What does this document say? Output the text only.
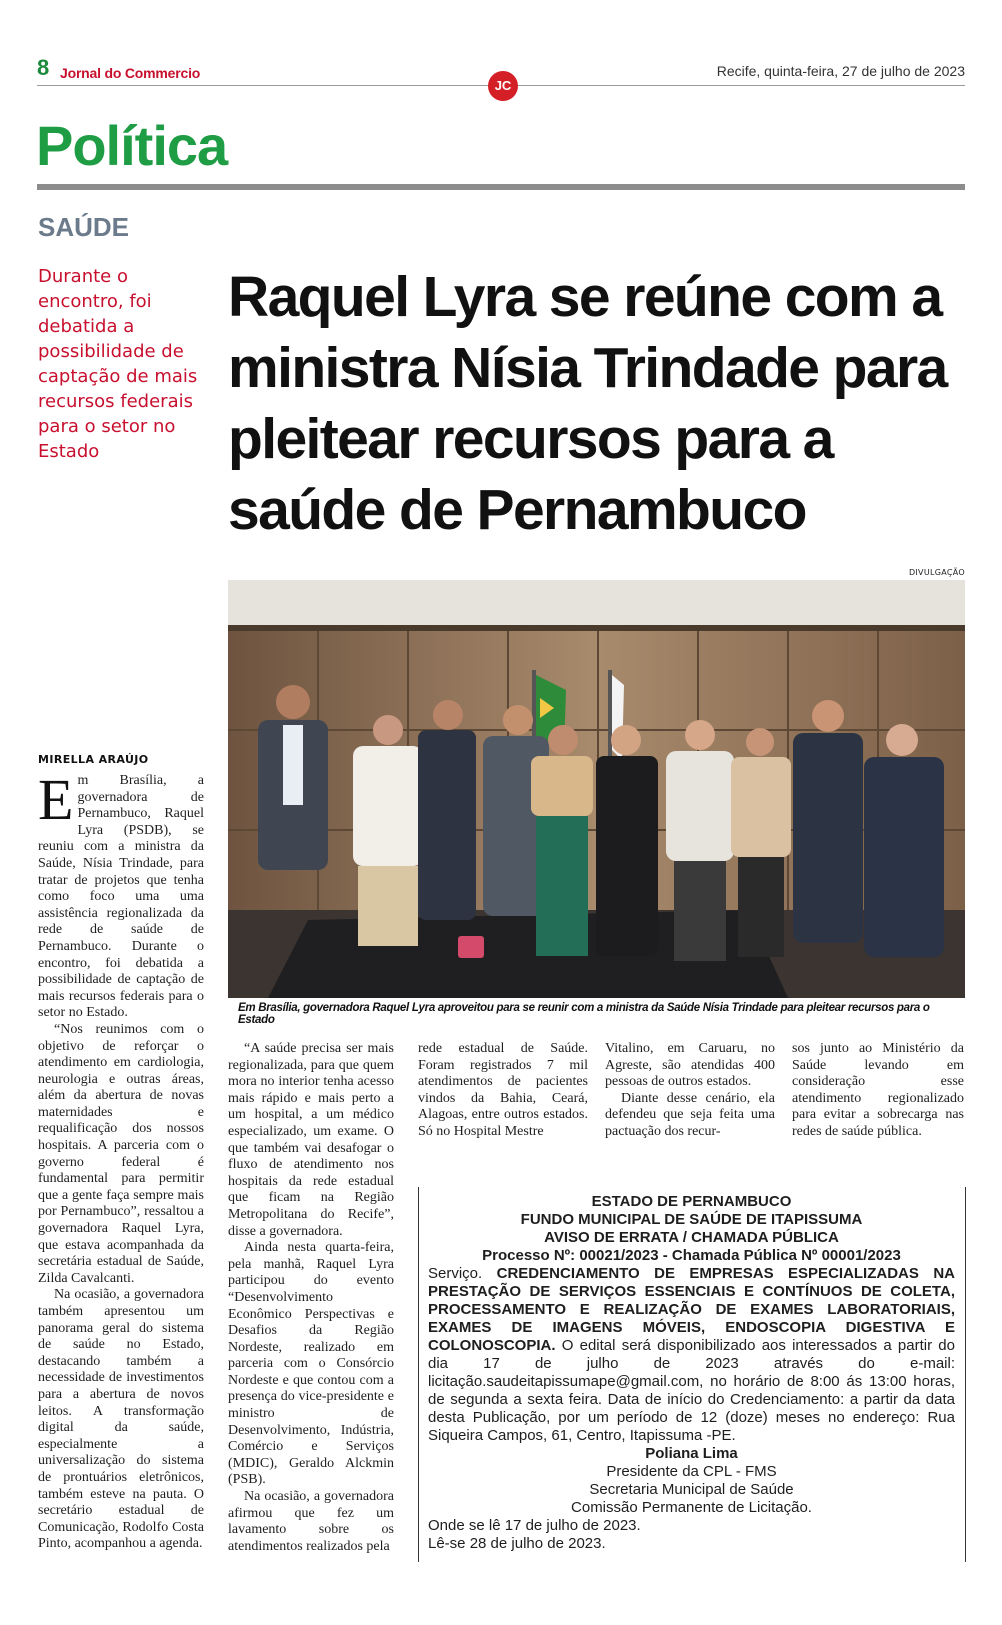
8 Jornal do Commercio	Recife, quinta-feira, 27 de julho de 2023
JC
Política
SAÚDE
Durante o encontro, foi debatida a possibilidade de captação de mais recursos federais para o setor no Estado
Raquel Lyra se reúne com a ministra Nísia Trindade para pleitear recursos para a saúde de Pernambuco
DIVULGAÇÃO
Em Brasília, governadora Raquel Lyra aproveitou para se reunir com a ministra da Saúde Nísia Trindade para pleitear recursos para o Estado
MIRELLA ARAÚJO

Em Brasília, a governadora de Pernambuco, Raquel Lyra (PSDB), se reuniu com a ministra da Saúde, Nísia Trindade, para tratar de projetos que tenha como foco uma uma assistência regionalizada da rede de saúde de Pernambuco. Durante o encontro, foi debatida a possibilidade de captação de mais recursos federais para o setor no Estado.

“Nos reunimos com o objetivo de reforçar o atendimento em cardiologia, neurologia e outras áreas, além da abertura de novas maternidades e requalificação dos nossos hospitais. A parceria com o governo federal é fundamental para permitir que a gente faça sempre mais por Pernambuco”, ressaltou a governadora Raquel Lyra, que estava acompanhada da secretária estadual de Saúde, Zilda Cavalcanti.

Na ocasião, a governadora também apresentou um panorama geral do sistema de saúde no Estado, destacando também a necessidade de investimentos para a abertura de novos leitos. A transformação digital da saúde, especialmente a universalização do sistema de prontuários eletrônicos, também esteve na pauta. O secretário estadual de Comunicação, Rodolfo Costa Pinto, acompanhou a agenda.

“A saúde precisa ser mais regionalizada, para que quem mora no interior tenha acesso mais rápido e mais perto a um hospital, a um médico especializado, um exame. O que também vai desafogar o fluxo de atendimento nos hospitais da rede estadual que ficam na Região Metropolitana do Recife”, disse a governadora.

Ainda nesta quarta-feira, pela manhã, Raquel Lyra participou do evento “Desenvolvimento Econômico Perspectivas e Desafios da Região Nordeste, realizado em parceria com o Consórcio Nordeste e que contou com a presença do vice-presidente e ministro de Desenvolvimento, Indústria, Comércio e Serviços (MDIC), Geraldo Alckmin (PSB).

Na ocasião, a governadora afirmou que fez um lavamento sobre os atendimentos realizados pela

rede estadual de Saúde. Foram registrados 7 mil atendimentos de pacientes vindos da Bahia, Ceará, Alagoas, entre outros estados. Só no Hospital Mestre

Vitalino, em Caruaru, no Agreste, são atendidas 400 pessoas de outros estados.

Diante desse cenário, ela defendeu que seja feita uma pactuação dos recur-

sos junto ao Ministério da Saúde levando em consideração esse atendimento regionalizado para evitar a sobrecarga nas redes de saúde pública.

ESTADO DE PERNAMBUCO
FUNDO MUNICIPAL DE SAÚDE DE ITAPISSUMA
AVISO DE ERRATA / CHAMADA PÚBLICA
Processo Nº: 00021/2023 - Chamada Pública Nº 00001/2023
Serviço. CREDENCIAMENTO DE EMPRESAS ESPECIALIZADAS NA PRESTAÇÃO DE SERVIÇOS ESSENCIAIS E CONTÍNUOS DE COLETA, PROCESSAMENTO E REALIZAÇÃO DE EXAMES LABORATORIAIS, EXAMES DE IMAGENS MÓVEIS, ENDOSCOPIA DIGESTIVA E COLONOSCOPIA. O edital será disponibilizado aos interessados a partir do dia 17 de julho de 2023 através do e-mail: licitação.saudeitapissumape@gmail.com, no horário de 8:00 ás 13:00 horas, de segunda a sexta feira. Data de início do Credenciamento: a partir da data desta Publicação, por um período de 12 (doze) meses no endereço: Rua Siqueira Campos, 61, Centro, Itapissuma -PE.
Poliana Lima
Presidente da CPL - FMS
Secretaria Municipal de Saúde
Comissão Permanente de Licitação.
Onde se lê 17 de julho de 2023.
Lê-se 28 de julho de 2023.
